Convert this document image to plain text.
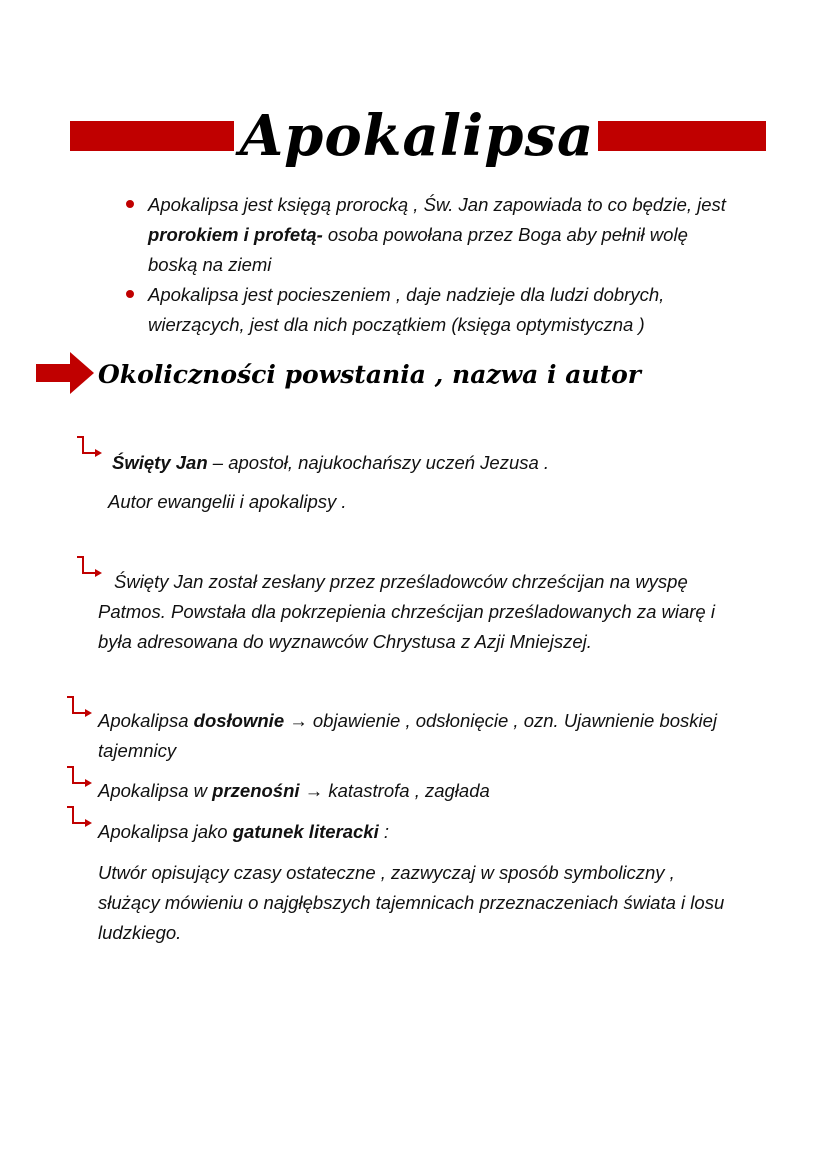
Apokalipsa
Apokalipsa jest księgą prorocką , Św. Jan zapowiada to co będzie, jest prorokiem i profetą- osoba powołana przez Boga aby pełnił wolę boską na ziemi
Apokalipsa jest pocieszeniem , daje nadzieje dla ludzi dobrych, wierzących, jest dla nich początkiem (księga optymistyczna )
Okoliczności powstania , nazwa i autor
Święty Jan – apostoł, najukochańszy uczeń Jezusa .
Autor ewangelii i apokalipsy .
Święty Jan został zesłany przez prześladowców chrześcijan na wyspę Patmos. Powstała dla pokrzepienia chrześcijan prześladowanych za wiarę i była adresowana do wyznawców Chrystusa z Azji Mniejszej.
Apokalipsa dosłownie → objawienie , odsłonięcie , ozn. Ujawnienie boskiej tajemnicy
Apokalipsa w przenośni → katastrofa , zagłada
Apokalipsa jako gatunek literacki :
Utwór opisujący czasy ostateczne , zazwyczaj w sposób symboliczny , służący mówieniu o najgłębszych tajemnicach przeznaczeniach świata i losu ludzkiego.
